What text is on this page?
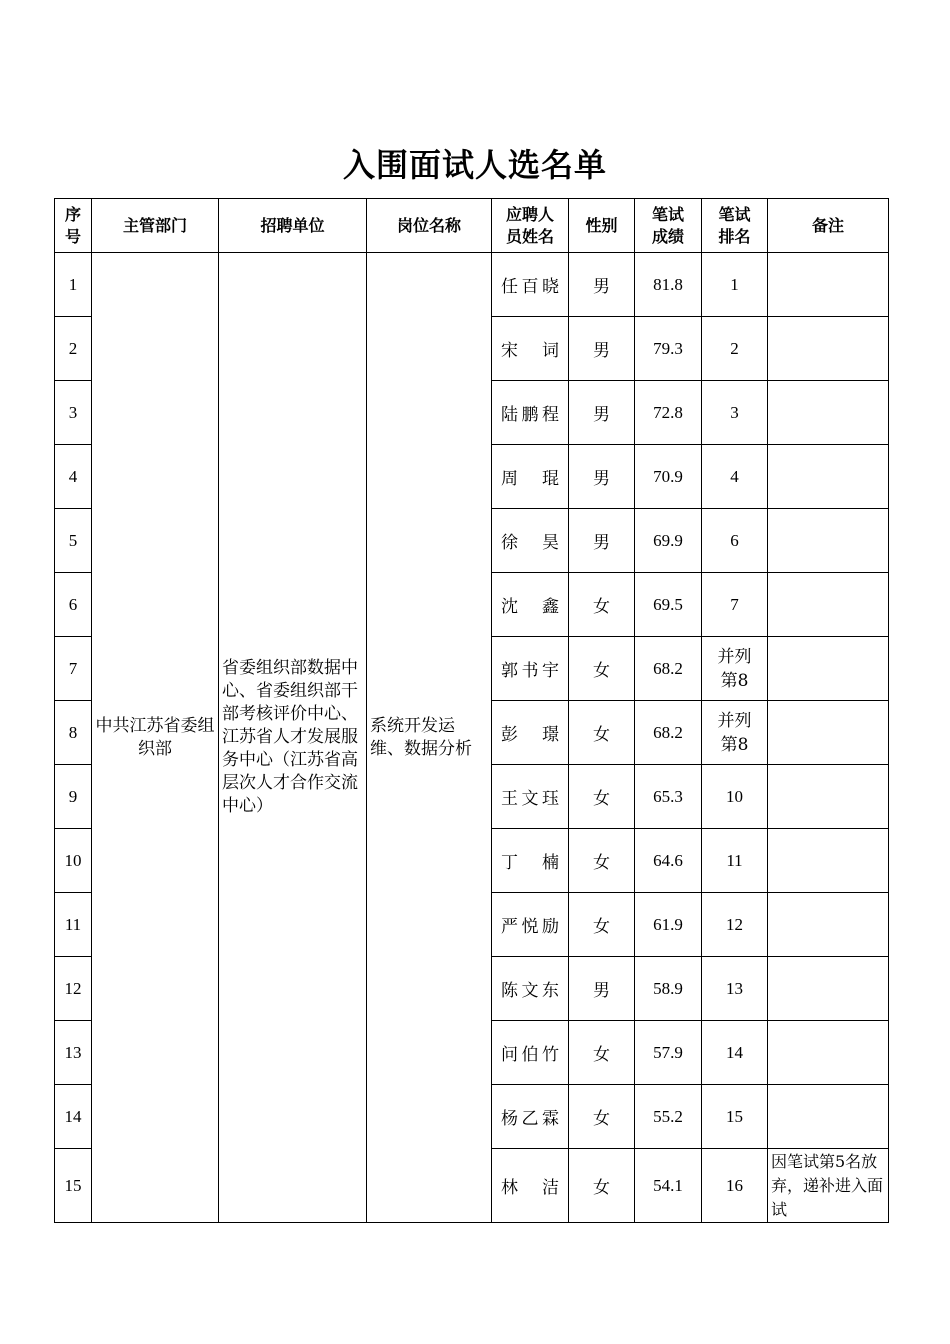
入围面试人选名单
序号	主管部门	招聘单位	岗位名称	应聘人员姓名	性别	笔试成绩	笔试排名	备注
1	中共江苏省委组织部	省委组织部数据中心、省委组织部干部考核评价中心、江苏省人才发展服务中心（江苏省高层次人才合作交流中心）	系统开发运维、数据分析	任百晓	男	81.8	1	
2				宋　词	男	79.3	2	
3				陆鹏程	男	72.8	3	
4				周　琨	男	70.9	4	
5				徐　昊	男	69.9	6	
6				沈　鑫	女	69.5	7	
7				郭书宇	女	68.2	并列第8	
8				彭　璟	女	68.2	并列第8	
9				王文珏	女	65.3	10	
10				丁　楠	女	64.6	11	
11				严悦励	女	61.9	12	
12				陈文东	男	58.9	13	
13				问伯竹	女	57.9	14	
14				杨乙霖	女	55.2	15	
15				林　洁	女	54.1	16	因笔试第5名放弃，递补进入面试
